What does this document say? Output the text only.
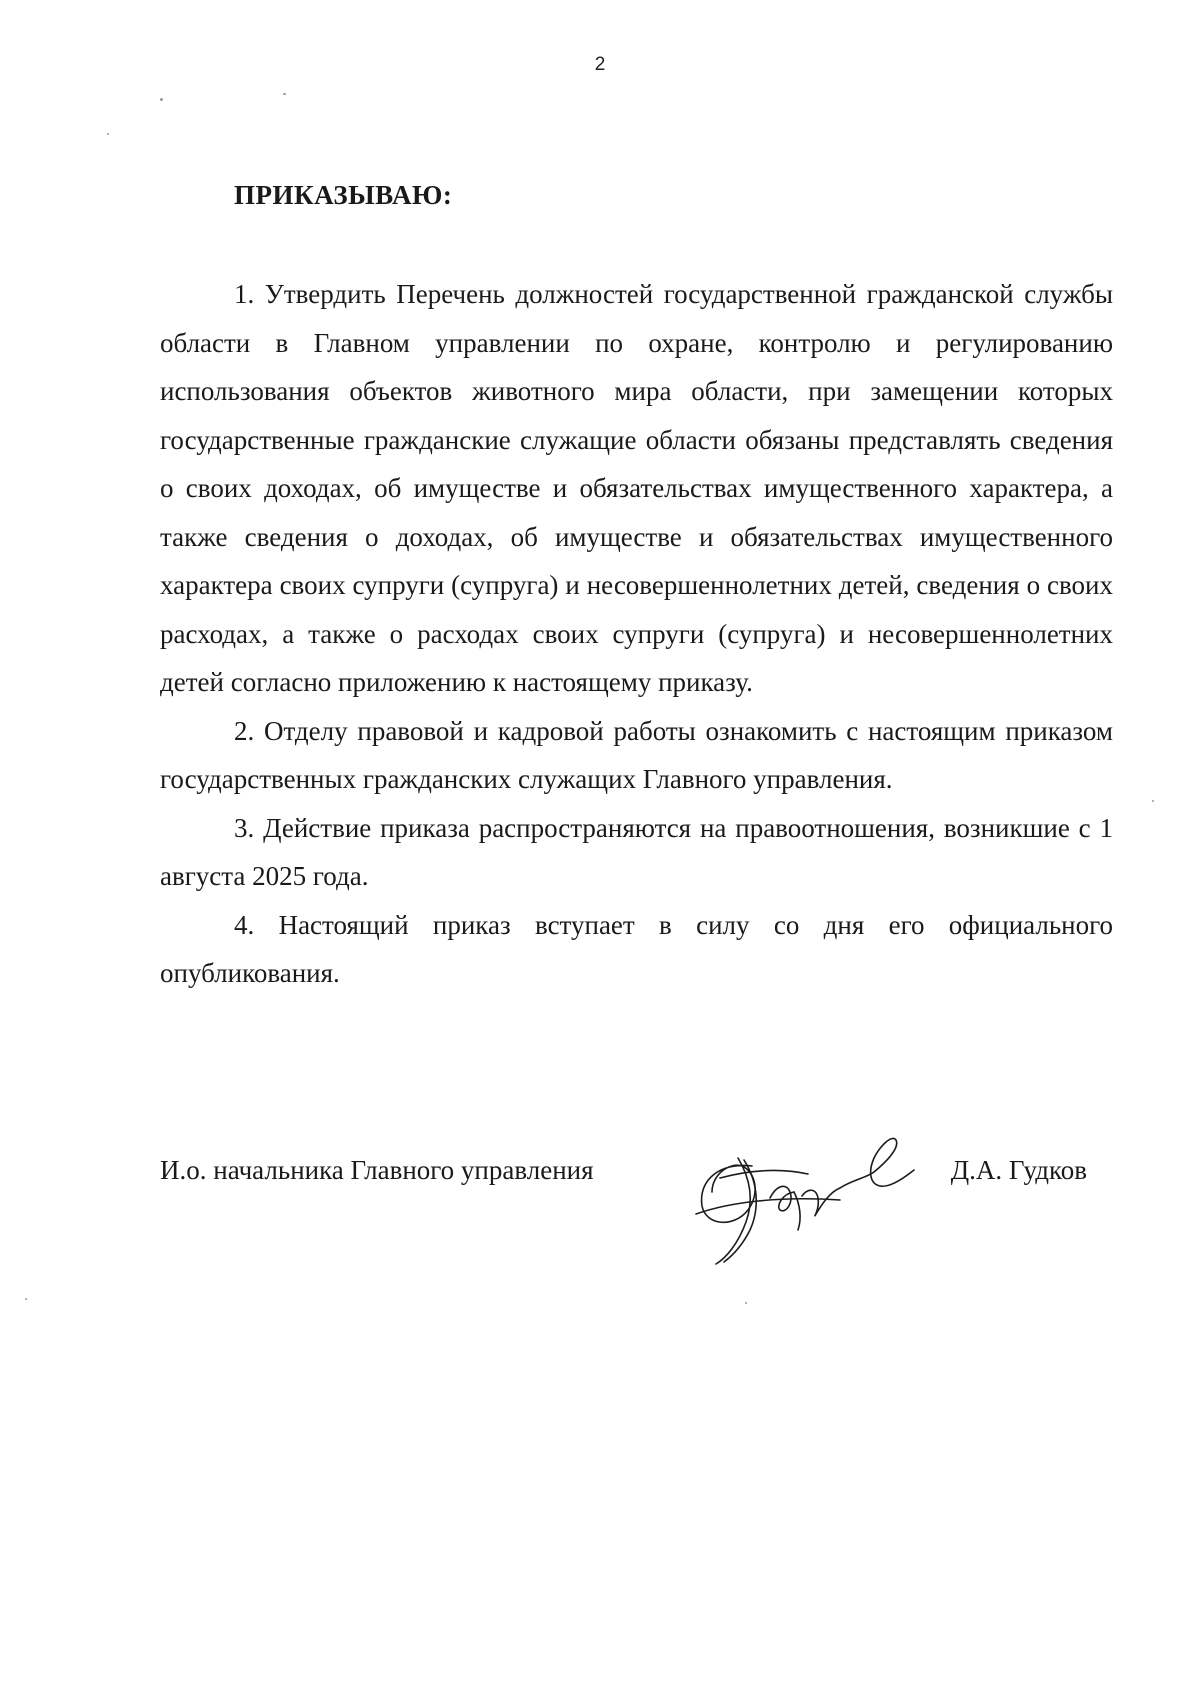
2
ПРИКАЗЫВАЮ:

1. Утвердить Перечень должностей государственной гражданской службы области в Главном управлении по охране, контролю и регулированию использования объектов животного мира области, при замещении которых государственные гражданские служащие области обязаны представлять сведения о своих доходах, об имуществе и обязательствах имущественного характера, а также сведения о доходах, об имуществе и обязательствах имущественного характера своих супруги (супруга) и несовершеннолетних детей, сведения о своих расходах, а также о расходах своих супруги (супруга) и несовершеннолетних детей согласно приложению к настоящему приказу.

2. Отделу правовой и кадровой работы ознакомить с настоящим приказом государственных гражданских служащих Главного управления.

3. Действие приказа распространяются на правоотношения, возникшие с 1 августа 2025 года.

4. Настоящий приказ вступает в силу со дня его официального опубликования.

И.о. начальника Главного управления	Д.А. Гудков
